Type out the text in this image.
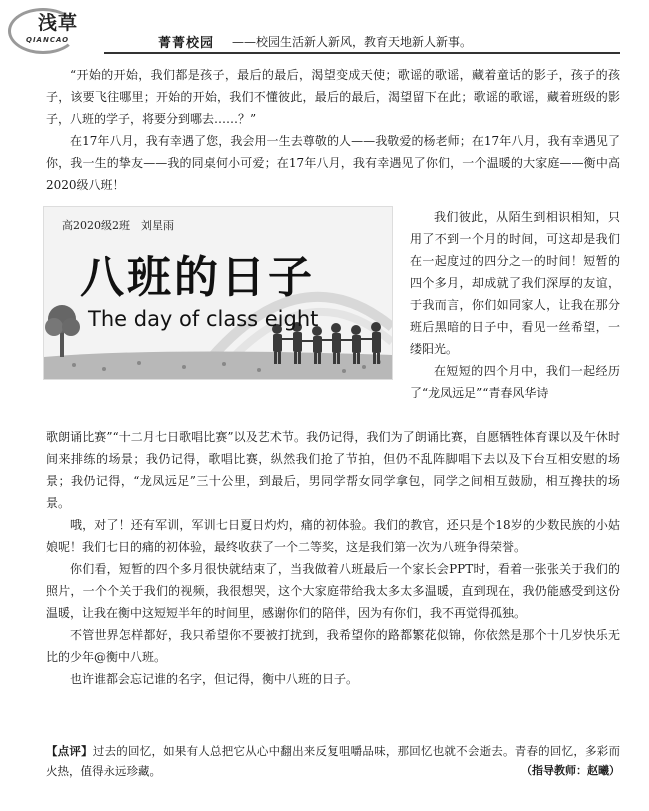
浅草
QIANCAO	菁菁校园 ——校园生活新人新风，教育天地新人新事。

“开始的开始，我们都是孩子，最后的最后，渴望变成天使；歌谣的歌谣，藏着童话的影子，孩子的孩子，该要飞往哪里；开始的开始，我们不懂彼此，最后的最后，渴望留下在此；歌谣的歌谣，藏着班级的影子，八班的学子，将要分到哪去……？”

在17年八月，我有幸遇了您，我会用一生去尊敬的人——我敬爱的杨老师；在17年八月，我有幸遇见了你，我一生的挚友——我的同桌何小可爱；在17年八月，我有幸遇见了你们，一个温暖的大家庭——衡中高2020级八班！

高2020级2班　刘星雨
八班的日子
The day of class eight

我们彼此，从陌生到相识相知，只用了不到一个月的时间，可这却是我们在一起度过的四分之一的时间！短暂的四个多月，却成就了我们深厚的友谊，于我而言，你们如同家人，让我在那分班后黑暗的日子中，看见一丝希望，一缕阳光。

在短短的四个月中，我们一起经历了“龙凤远足”“青春风华诗

歌朗诵比赛”“十二月七日歌唱比赛”以及艺术节。我仍记得，我们为了朗诵比赛，自愿牺牲体育课以及午休时间来排练的场景；我仍记得，歌唱比赛，纵然我们抢了节拍，但仍不乱阵脚唱下去以及下台互相安慰的场景；我仍记得，“龙凤远足”三十公里，到最后，男同学帮女同学拿包，同学之间相互鼓励，相互搀扶的场景。

哦，对了！还有军训，军训七日夏日灼灼，痛的初体验。我们的教官，还只是个18岁的少数民族的小姑娘呢！我们七日的痛的初体验，最终收获了一个二等奖，这是我们第一次为八班争得荣誉。

你们看，短暂的四个多月很快就结束了，当我做着八班最后一个家长会PPT时，看着一张张关于我们的照片，一个个关于我们的视频，我很想哭，这个大家庭带给我太多太多温暖，直到现在，我仍能感受到这份温暖，让我在衡中这短短半年的时间里，感谢你们的陪伴，因为有你们，我不再觉得孤独。

不管世界怎样都好，我只希望你不要被打扰到，我希望你的路都繁花似锦，你依然是那个十几岁快乐无比的少年@衡中八班。

也许谁都会忘记谁的名字，但记得，衡中八班的日子。

【点评】过去的回忆，如果有人总把它从心中翻出来反复咀嚼品味，那回忆也就不会逝去。青春的回忆，多彩而火热，值得永远珍藏。	（指导教师：赵曦）
